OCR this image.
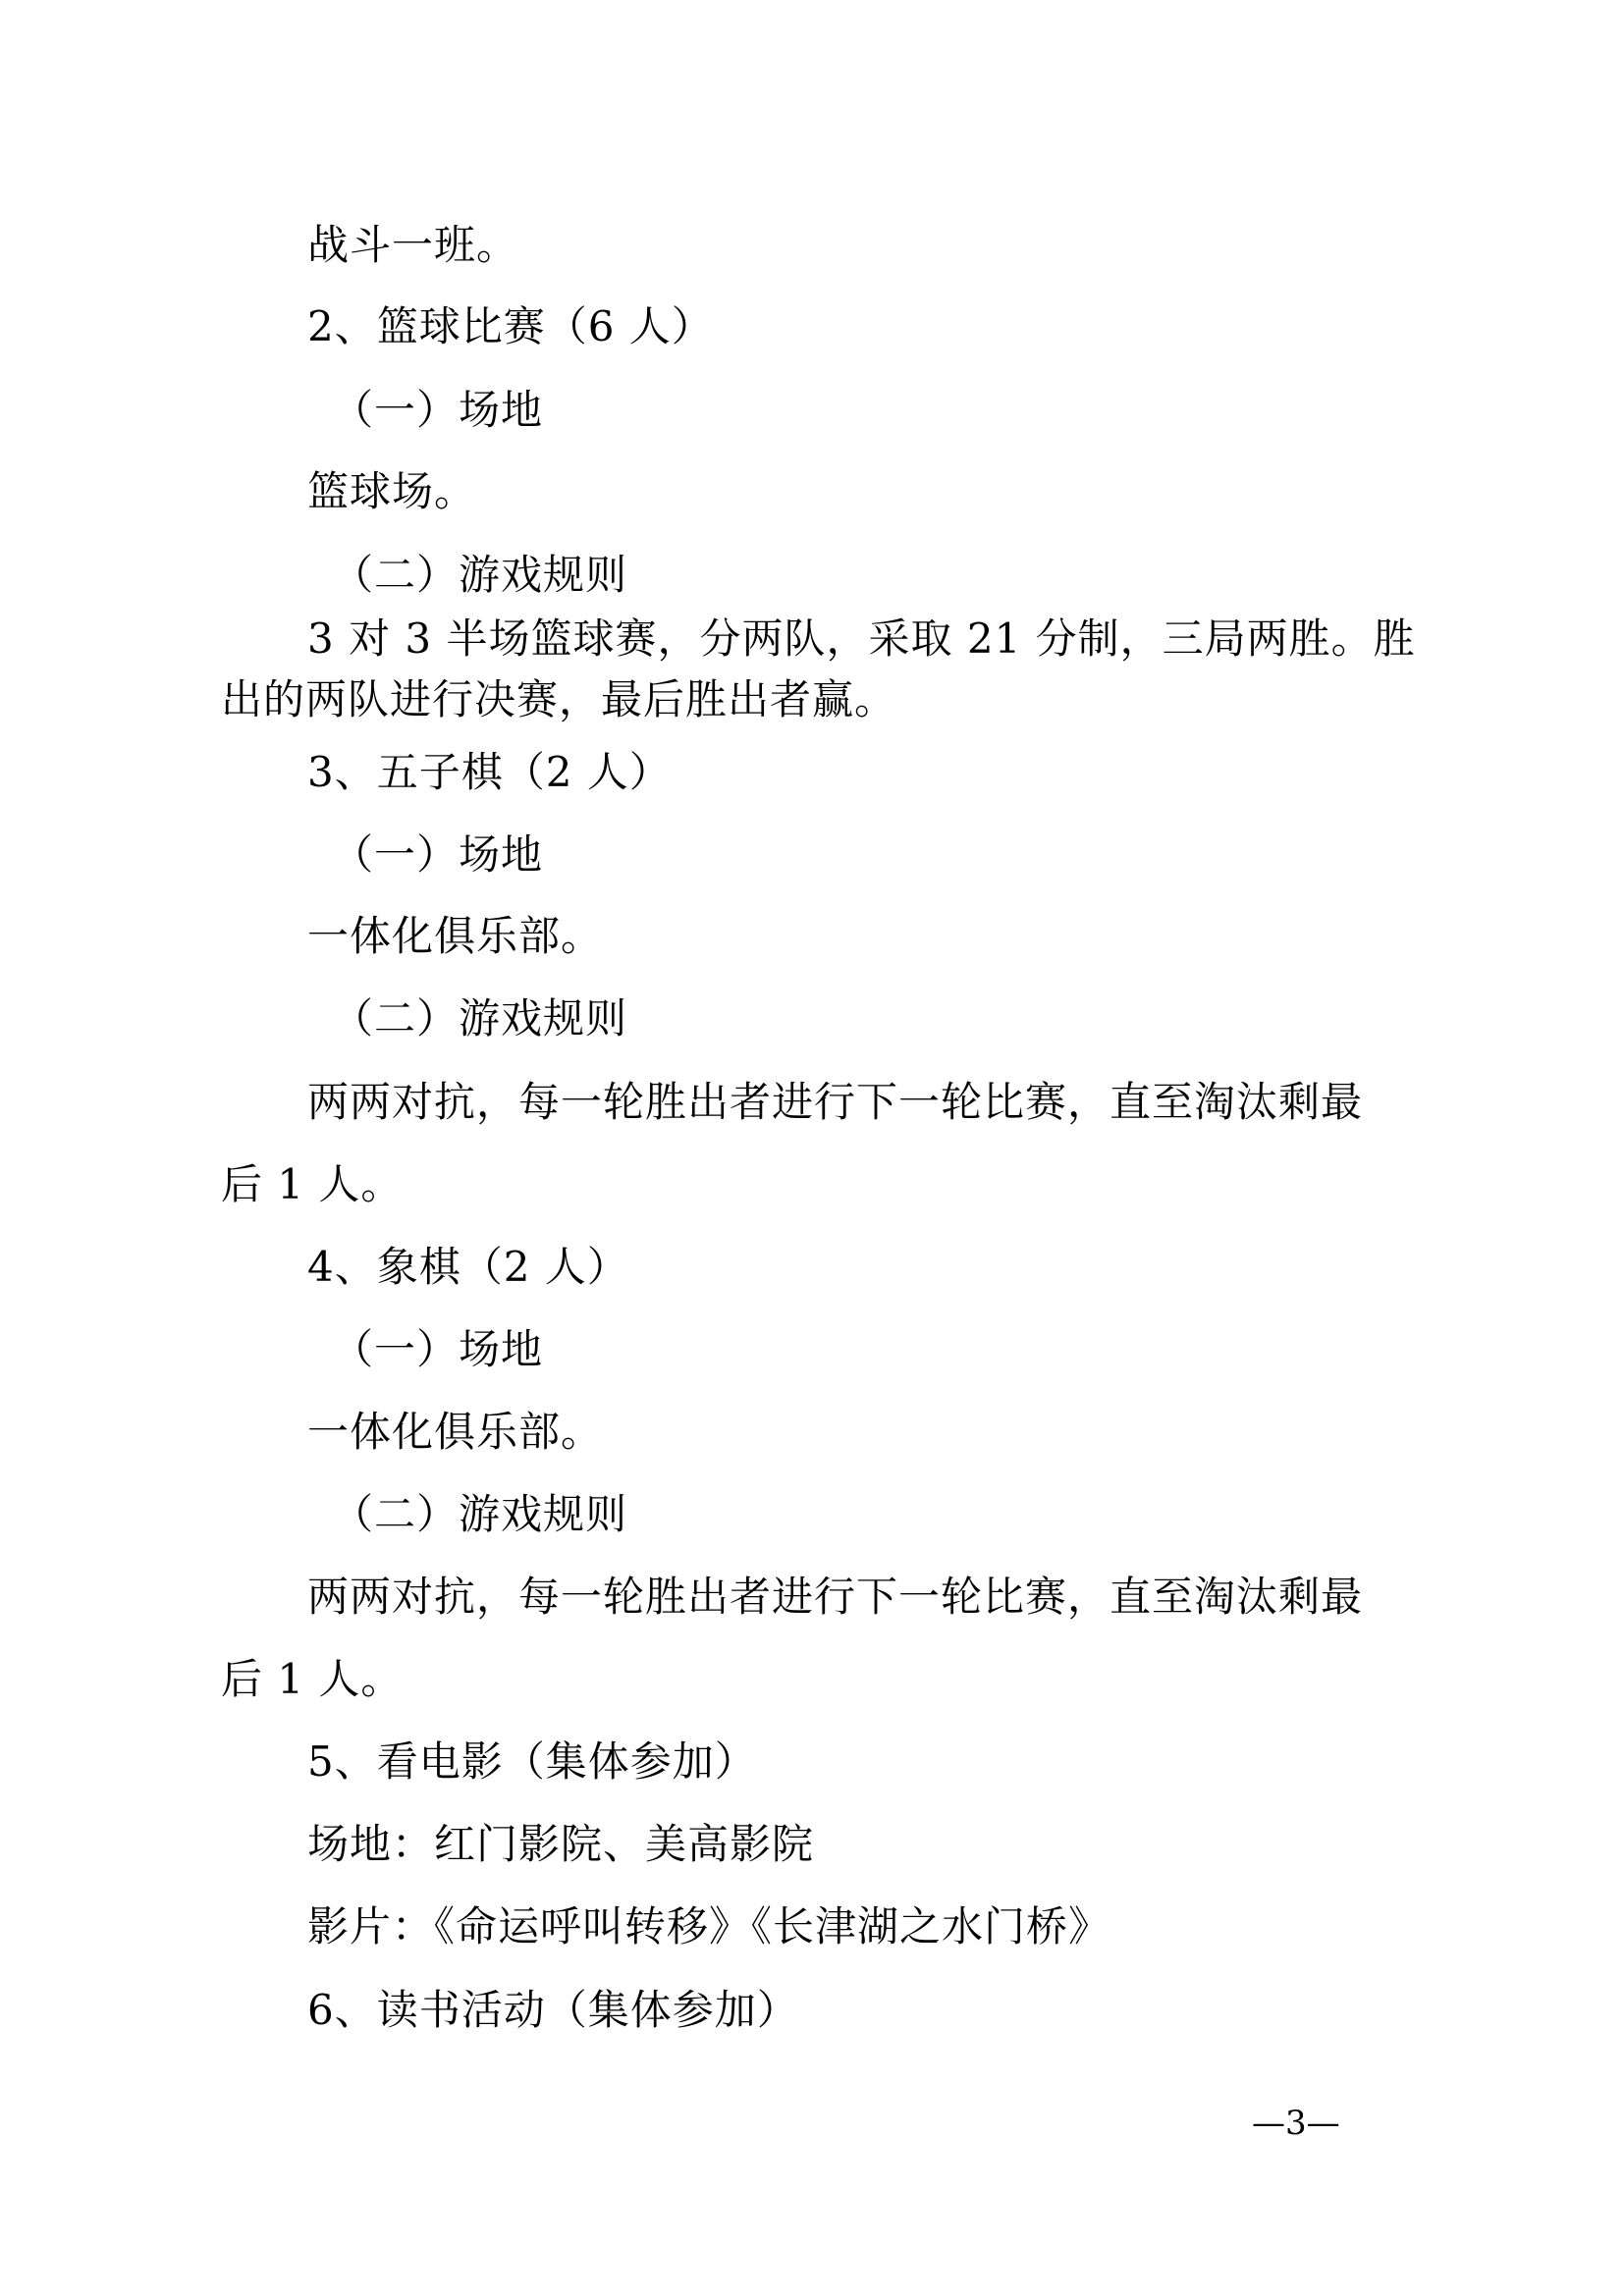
战斗一班。
2、篮球比赛（6 人）
（一）场地
篮球场。
（二）游戏规则
3 对 3 半场篮球赛，分两队，采取 21 分制，三局两胜。胜
出的两队进行决赛，最后胜出者赢。
3、五子棋（2 人）
（一）场地
一体化俱乐部。
（二）游戏规则
两两对抗，每一轮胜出者进行下一轮比赛，直至淘汰剩最
后 1 人。
4、象棋（2 人）
（一）场地
一体化俱乐部。
（二）游戏规则
两两对抗，每一轮胜出者进行下一轮比赛，直至淘汰剩最
后 1 人。
5、看电影（集体参加）
场地：红门影院、美高影院
影片：《命运呼叫转移》《长津湖之水门桥》
6、读书活动（集体参加）
—3—
